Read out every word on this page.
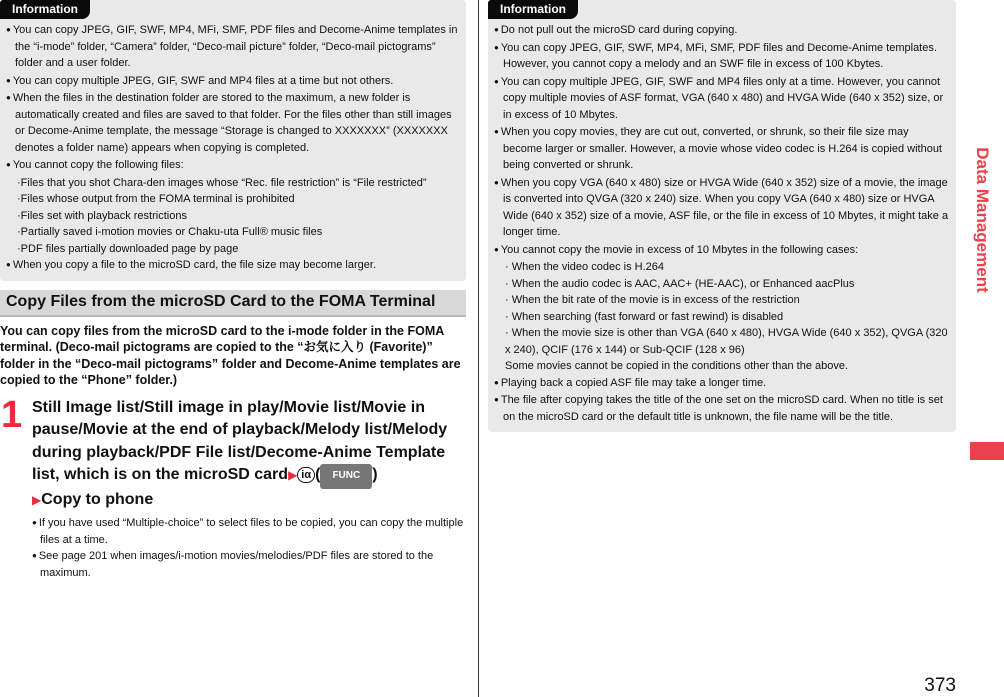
Information
● You can copy JPEG, GIF, SWF, MP4, MFi, SMF, PDF files and Decome-Anime templates in the “i-mode” folder, “Camera” folder, “Deco-mail picture” folder, “Deco-mail pictograms” folder and a user folder.
● You can copy multiple JPEG, GIF, SWF and MP4 files at a time but not others.
● When the files in the destination folder are stored to the maximum, a new folder is automatically created and files are saved to that folder. For the files other than still images or Decome-Anime template, the message “Storage is changed to XXXXXXX” (XXXXXXX denotes a folder name) appears when copying is completed.
● You cannot copy the following files:
·Files that you shot Chara-den images whose “Rec. file restriction” is “File restricted”
·Files whose output from the FOMA terminal is prohibited
·Files set with playback restrictions
·Partially saved i-motion movies or Chaku-uta Full® music files
·PDF files partially downloaded page by page
● When you copy a file to the microSD card, the file size may become larger.
Copy Files from the microSD Card to the FOMA Terminal

You can copy files from the microSD card to the i-mode folder in the FOMA terminal. (Deco-mail pictograms are copied to the “お気に入り (Favorite)” folder in the “Deco-mail pictograms” folder and Decome-Anime templates are copied to the “Phone” folder.)

1 Still Image list/Still image in play/Movie list/Movie in pause/Movie at the end of playback/Melody list/Melody during playback/PDF File list/Decome-Anime Template list, which is on the microSD card▶ iα ( FUNC )
▶Copy to phone
● If you have used “Multiple-choice” to select files to be copied, you can copy the multiple files at a time.
● See page 201 when images/i-motion movies/melodies/PDF files are stored to the maximum.
Information
● Do not pull out the microSD card during copying.
● You can copy JPEG, GIF, SWF, MP4, MFi, SMF, PDF files and Decome-Anime templates. However, you cannot copy a melody and an SWF file in excess of 100 Kbytes.
● You can copy multiple JPEG, GIF, SWF and MP4 files only at a time. However, you cannot copy multiple movies of ASF format, VGA (640 x 480) and HVGA Wide (640 x 352) size, or in excess of 10 Mbytes.
● When you copy movies, they are cut out, converted, or shrunk, so their file size may become larger or smaller. However, a movie whose video codec is H.264 is copied without being converted or shrunk.
● When you copy VGA (640 x 480) size or HVGA Wide (640 x 352) size of a movie, the image is converted into QVGA (320 x 240) size. When you copy VGA (640 x 480) size or HVGA Wide (640 x 352) size of a movie, ASF file, or the file in excess of 10 Mbytes, it might take a longer time.
● You cannot copy the movie in excess of 10 Mbytes in the following cases:
· When the video codec is H.264
· When the audio codec is AAC, AAC+ (HE-AAC), or Enhanced aacPlus
· When the bit rate of the movie is in excess of the restriction
· When searching (fast forward or fast rewind) is disabled
· When the movie size is other than VGA (640 x 480), HVGA Wide (640 x 352), QVGA (320 x 240), QCIF (176 x 144) or Sub-QCIF (128 x 96)
Some movies cannot be copied in the conditions other than the above.
● Playing back a copied ASF file may take a longer time.
● The file after copying takes the title of the one set on the microSD card. When no title is set on the microSD card or the default title is unknown, the file name will be the title.
Data Management
373
